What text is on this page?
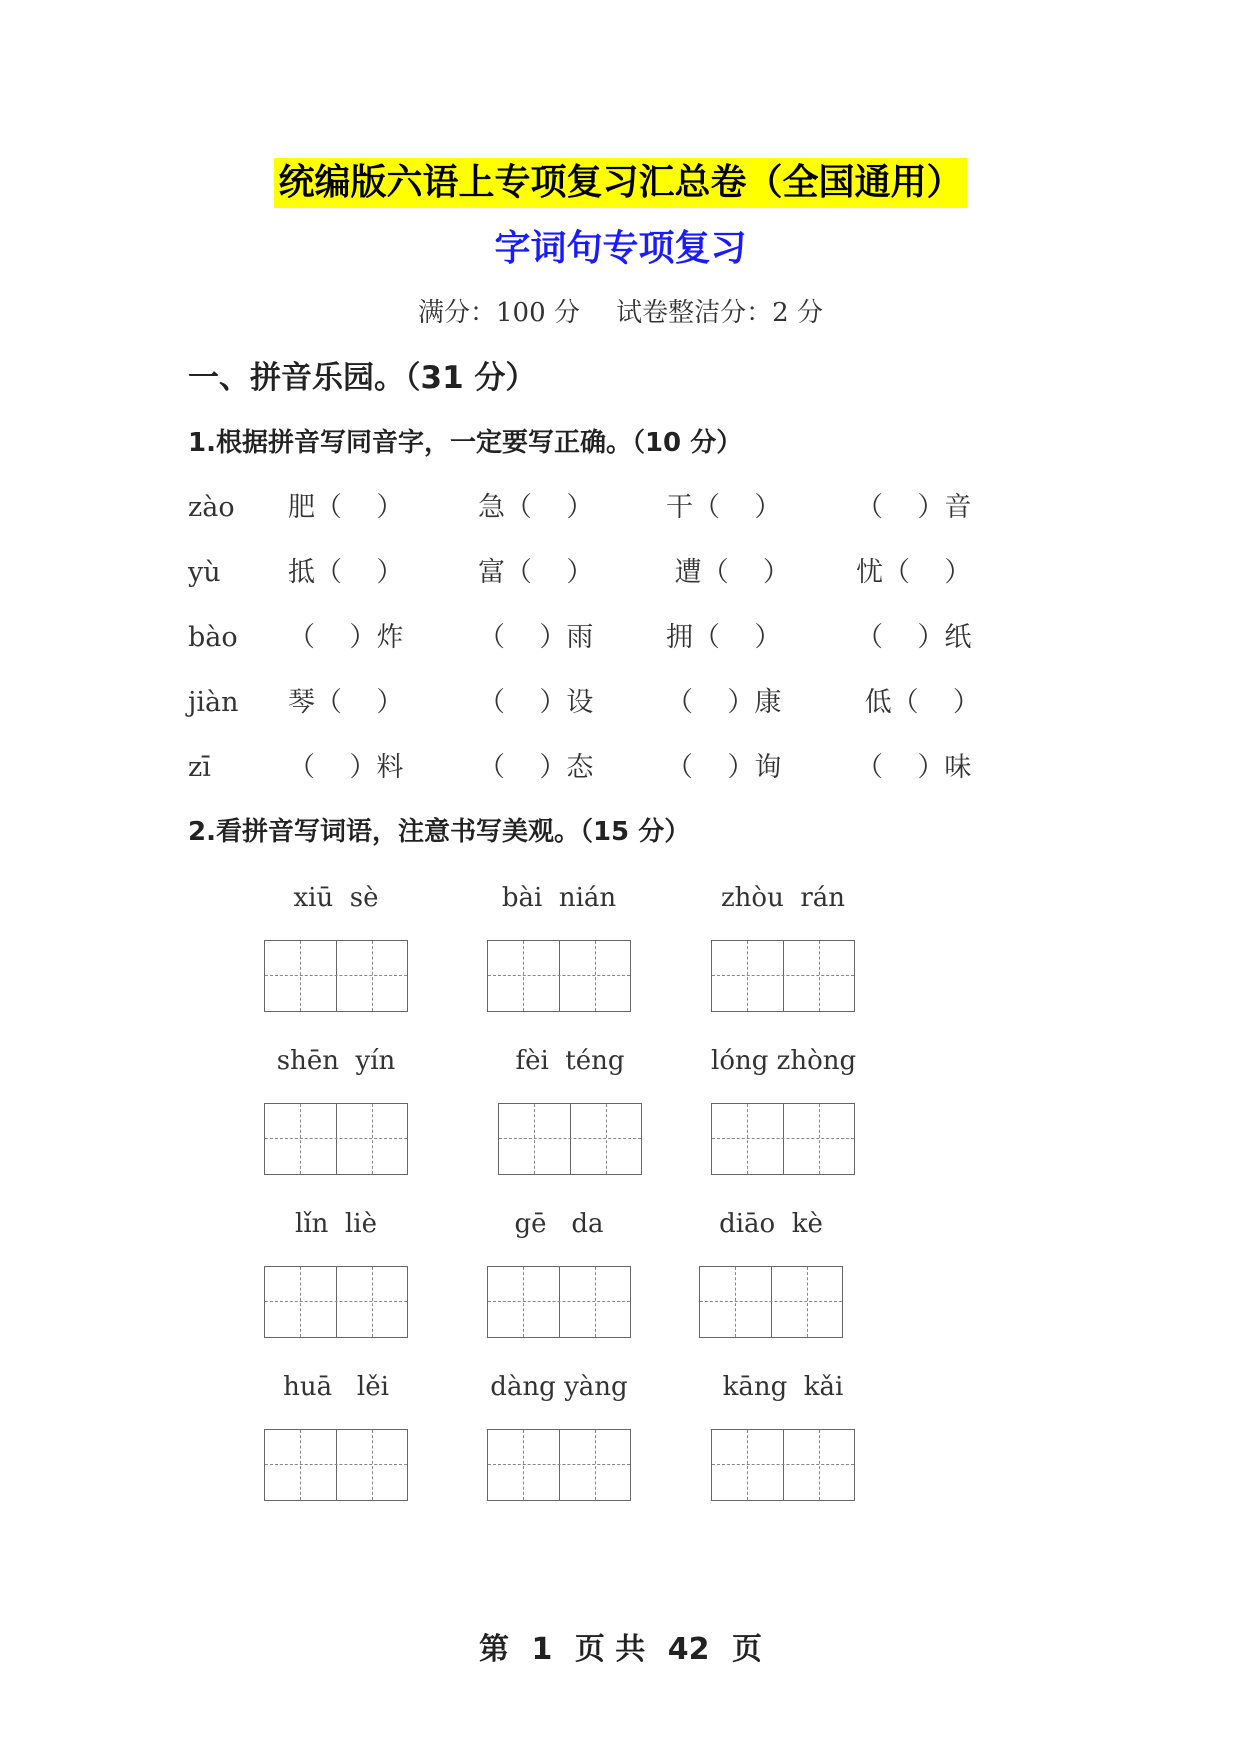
统编版六语上专项复习汇总卷（全国通用）
字词句专项复习
满分：100 分 试卷整洁分：2 分
一、拼音乐园。（31 分）
1.根据拼音写同音字，一定要写正确。（10 分）
zào 肥（    ）	急（    ）	干（    ）	（    ）音
yù 抵（    ）	富（    ）	遭（    ） 忧（    ）
bào （    ）炸	（    ）雨	拥（    ）	（    ）纸
jiàn 琴（    ）	（    ）设	（    ）康	低（    ）
zī	（    ）料	（    ）态	（    ）询	（    ）味
2.看拼音写词语，注意书写美观。（15 分）
xiū  sè	bài  nián	zhòu  rán
shēn  yín	fèi  téng	lóng zhòng
lǐn  liè	gē   da	diāo  kè
huā   lěi	dàng yàng	kāng  kǎi
第 1 页 共 42 页
